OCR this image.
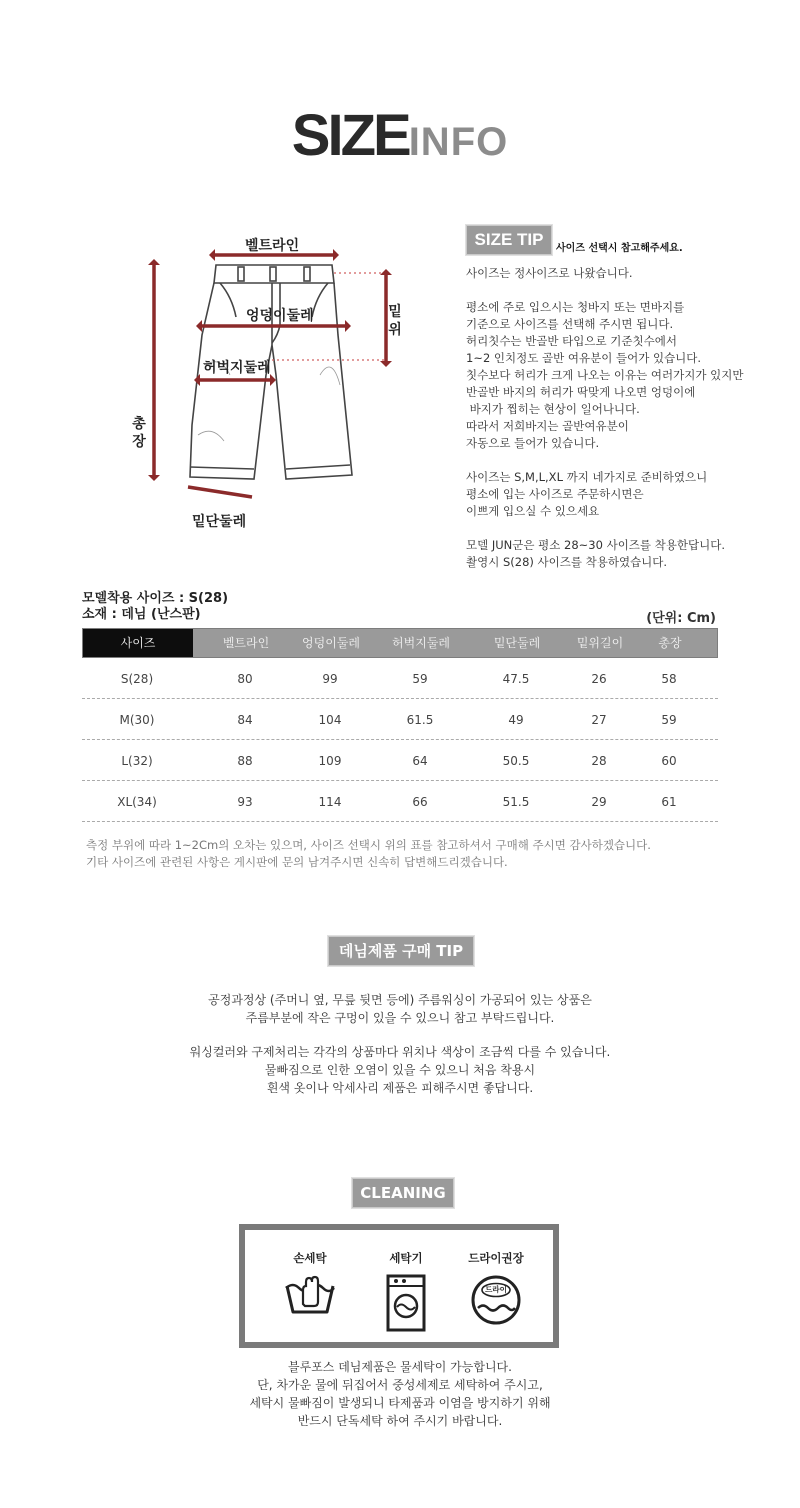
SIZEINFO
벨트라인
엉덩이둘레
허벅지둘레
밑
위
총
장
밑단둘레
SIZE TIP	사이즈 선택시 참고해주세요.

사이즈는 정사이즈로 나왔습니다.

평소에 주로 입으시는 청바지 또는 면바지를

기준으로 사이즈를 선택해 주시면 됩니다.

허리칫수는 반골반 타입으로 기준칫수에서

1~2 인치정도 골반 여유분이 들어가 있습니다.

칫수보다 허리가 크게 나오는 이유는 여러가지가 있지만

반골반 바지의 허리가 딱맞게 나오면 엉덩이에

바지가 찝히는 현상이 일어나니다.

따라서 저희바지는 골반여유분이

자동으로 들어가 있습니다.

사이즈는 S,M,L,XL 까지 네가지로 준비하였으니

평소에 입는 사이즈로 주문하시면은

이쁘게 입으실 수 있으세요

모델 JUN군은 평소 28~30 사이즈를 착용한답니다.

촬영시 S(28) 사이즈를 착용하였습니다.

모델착용 사이즈 : S(28)
소재 : 데님 (난스판)	(단위: Cm)
사이즈	벨트라인	엉덩이둘레	허벅지둘레	밑단둘레	밑위길이	총장
S(28)	80	99	59	47.5	26	58
M(30)	84	104	61.5	49	27	59
L(32)	88	109	64	50.5	28	60
XL(34)	93	114	66	51.5	29	61
측정 부위에 따라 1~2Cm의 오차는 있으며, 사이즈 선택시 위의 표를 참고하셔서 구매해 주시면 감사하겠습니다.
기타 사이즈에 관련된 사항은 게시판에 문의 남겨주시면 신속히 답변해드리겠습니다.
데님제품 구매 TIP

공정과정상 (주머니 옆, 무릎 뒷면 등에) 주름워싱이 가공되어 있는 상품은

주름부분에 작은 구멍이 있을 수 있으니 참고 부탁드립니다.

워싱컬러와 구제처리는 각각의 상품마다 위치나 색상이 조금씩 다를 수 있습니다.

물빠짐으로 인한 오염이 있을 수 있으니 처음 착용시

흰색 옷이나 악세사리 제품은 피해주시면 좋답니다.

CLEANING
손세탁	세탁기	드라이권장
드라이

블루포스 데님제품은 물세탁이 가능합니다.

단, 차가운 물에 뒤집어서 중성세제로 세탁하여 주시고,

세탁시 물빠짐이 발생되니 타제품과 이염을 방지하기 위해

반드시 단독세탁 하여 주시기 바랍니다.
